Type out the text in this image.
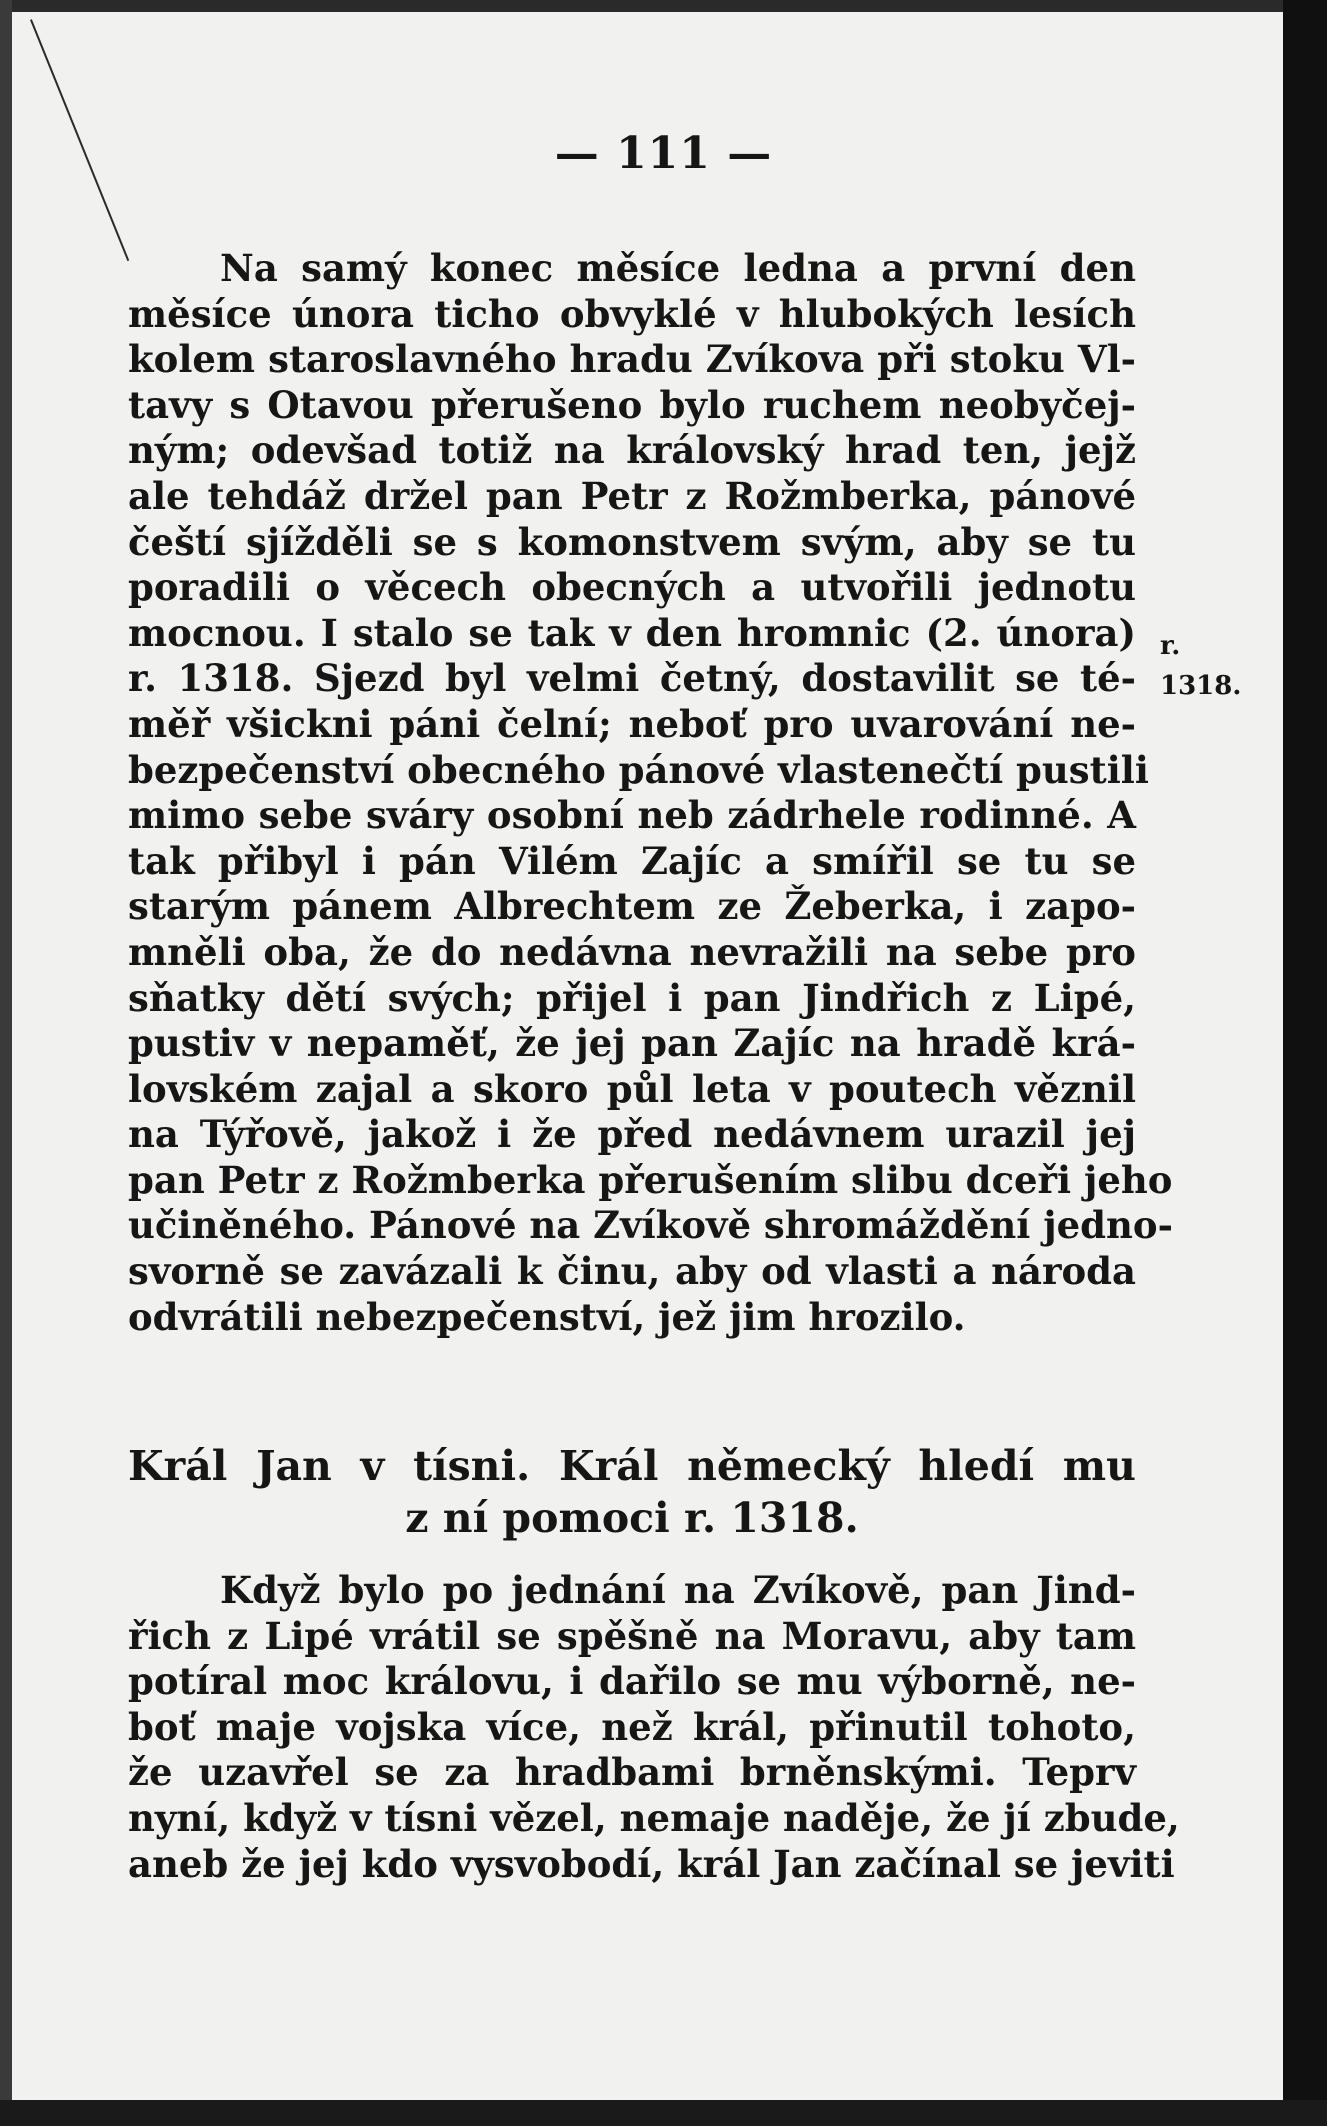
— 111 —
Na samý konec měsíce ledna a první den
měsíce února ticho obvyklé v hlubokých lesích
kolem staroslavného hradu Zvíkova při stoku Vl-
tavy s Otavou přerušeno bylo ruchem neobyčej-
ným; odevšad totiž na královský hrad ten, jejž
ale tehdáž držel pan Petr z Rožmberka, pánové
čeští sjížděli se s komonstvem svým, aby se tu
poradili o věcech obecných a utvořili jednotu
mocnou. I stalo se tak v den hromnic (2. února)
r. 1318. Sjezd byl velmi četný, dostavilit se té-
měř všickni páni čelní; neboť pro uvarování ne-
bezpečenství obecného pánové vlastenečtí pustili
mimo sebe sváry osobní neb zádrhele rodinné. A
tak přibyl i pán Vilém Zajíc a smířil se tu se
starým pánem Albrechtem ze Žeberka, i zapo-
mněli oba, že do nedávna nevražili na sebe pro
sňatky dětí svých; přijel i pan Jindřich z Lipé,
pustiv v nepaměť, že jej pan Zajíc na hradě krá-
lovském zajal a skoro půl leta v poutech věznil
na Týřově, jakož i že před nedávnem urazil jej
pan Petr z Rožmberka přerušením slibu dceři jeho
učiněného. Pánové na Zvíkově shromáždění jedno-
svorně se zavázali k činu, aby od vlasti a národa
odvrátili nebezpečenství, jež jim hrozilo.
r.
1318.
Král Jan v tísni. Král německý hledí mu
z ní pomoci r. 1318.
Když bylo po jednání na Zvíkově, pan Jind-
řich z Lipé vrátil se spěšně na Moravu, aby tam
potíral moc královu, i dařilo se mu výborně, ne-
boť maje vojska více, než král, přinutil tohoto,
že uzavřel se za hradbami brněnskými. Teprv
nyní, když v tísni vězel, nemaje naděje, že jí zbude,
aneb že jej kdo vysvobodí, král Jan začínal se jeviti
